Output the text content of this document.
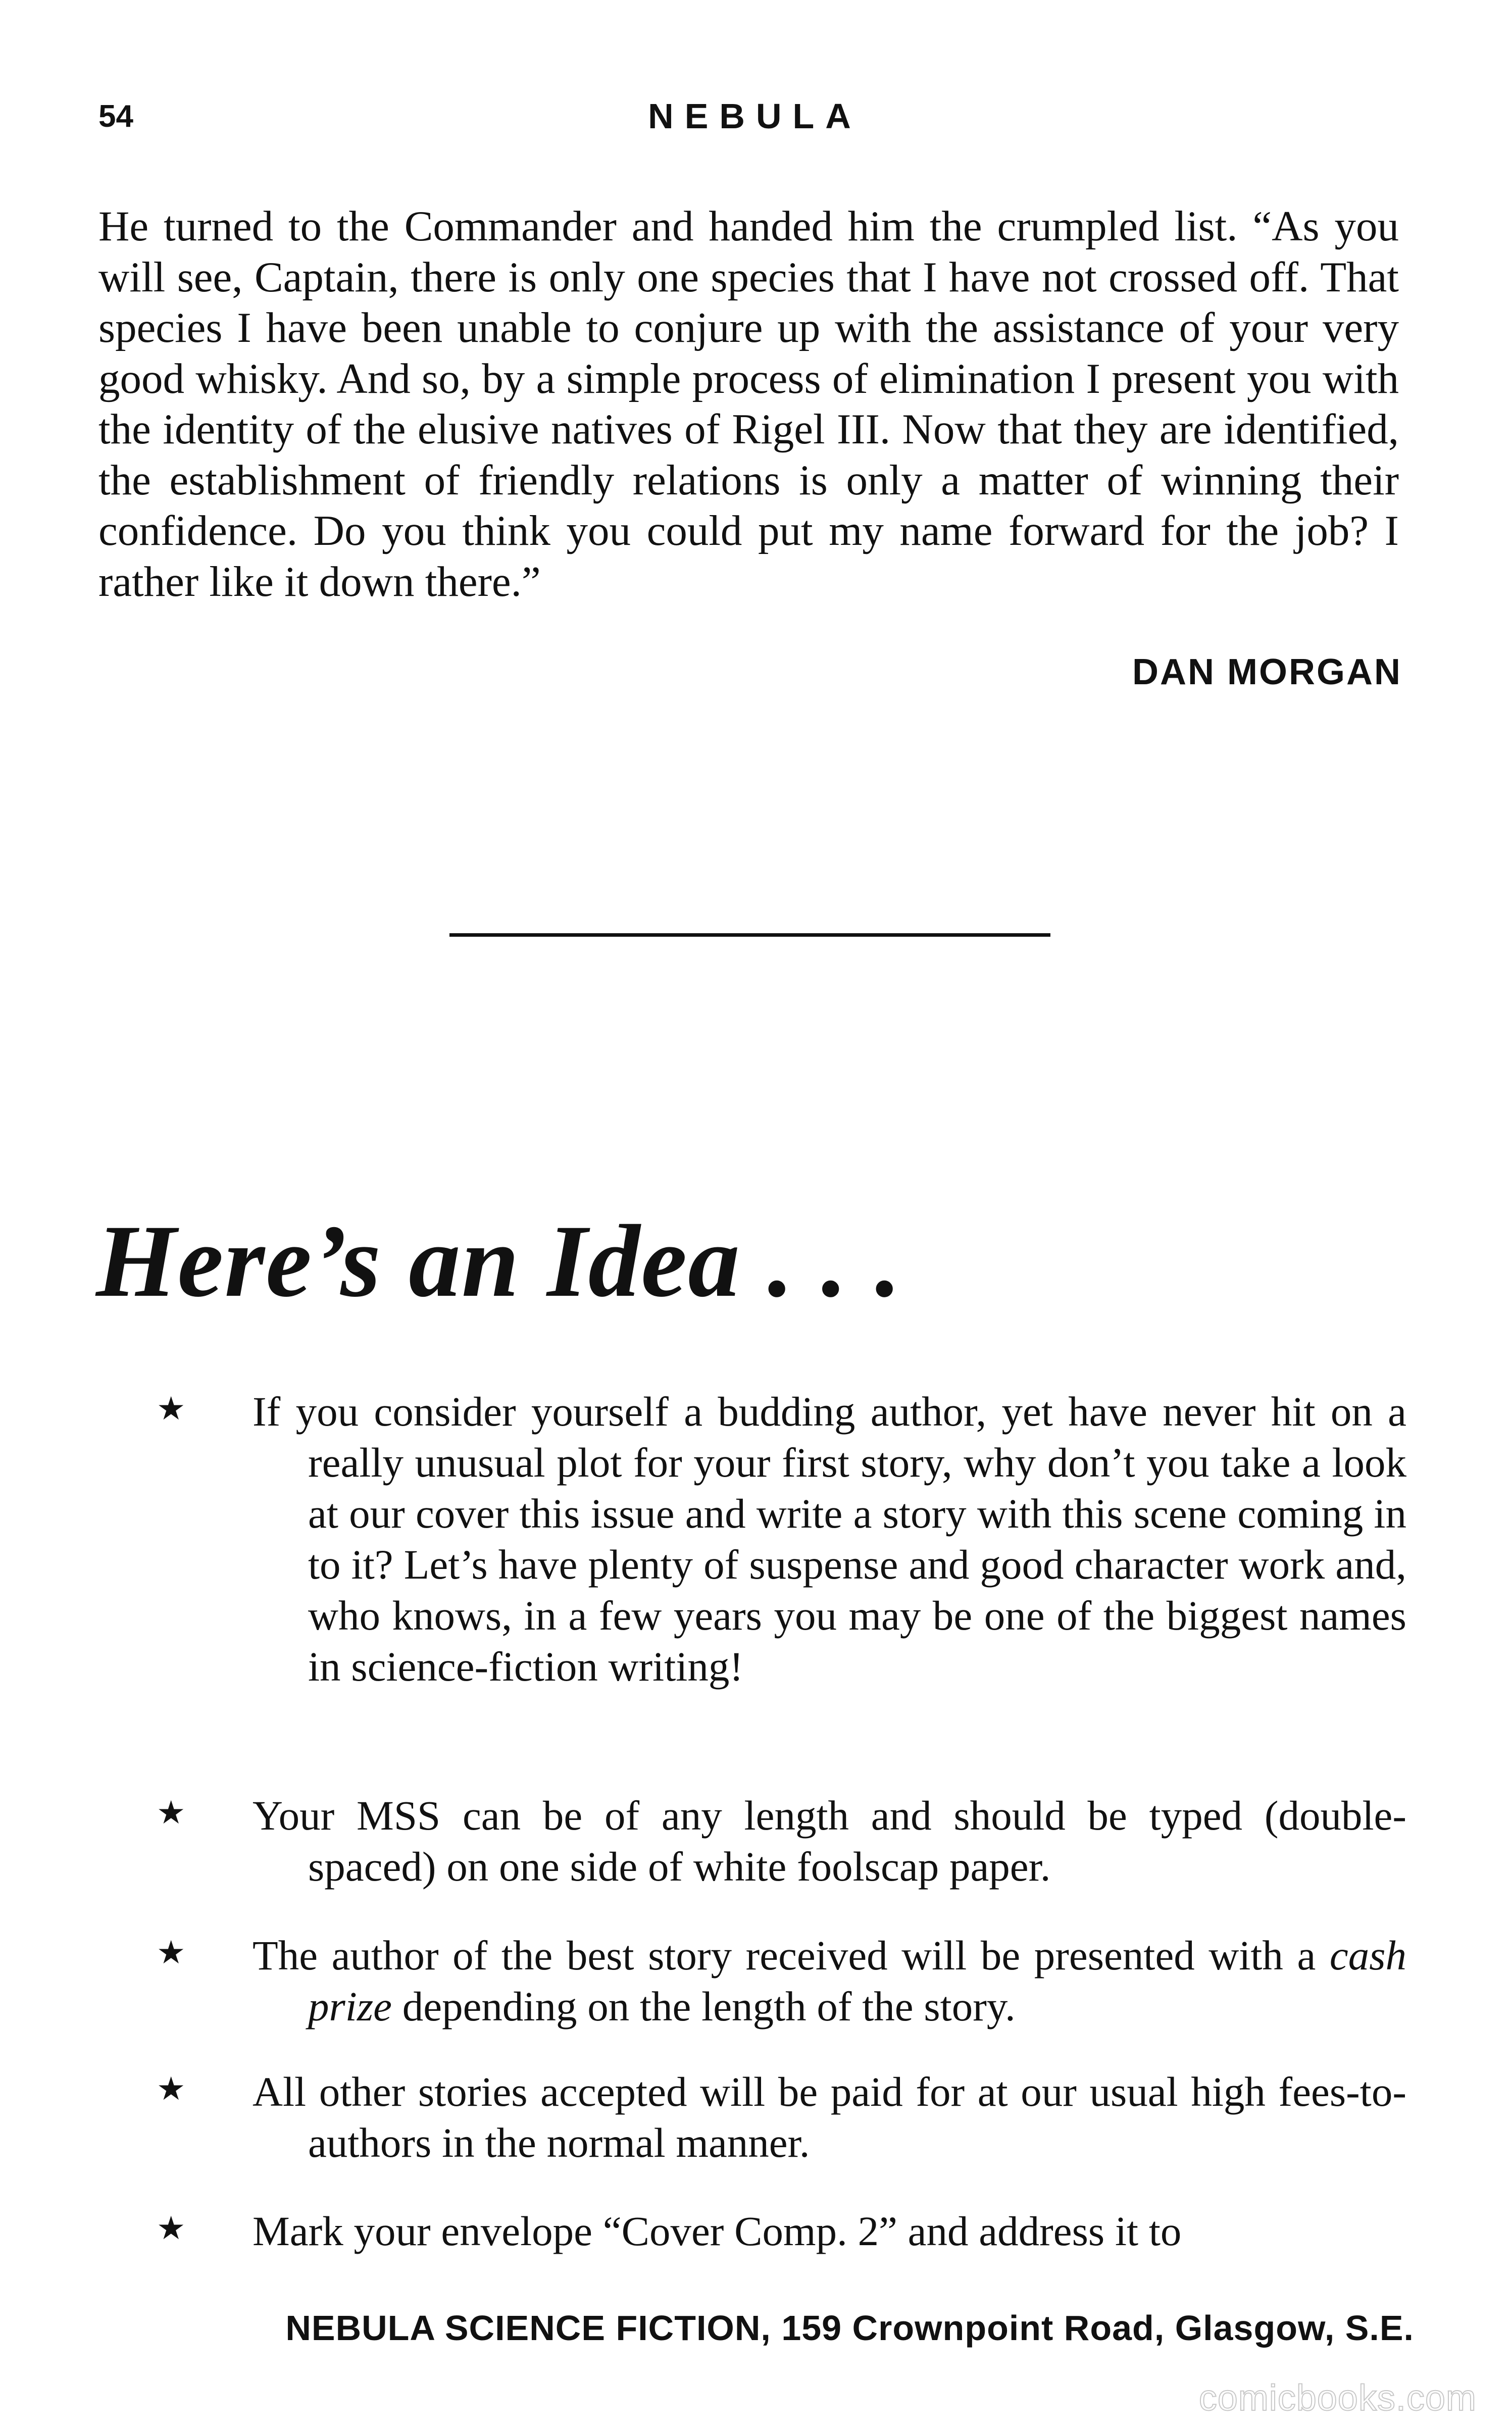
54	NEBULA

He turned to the Commander and handed him the crumpled list. “As you will see, Captain, there is only one species that I have not crossed off. That species I have been unable to conjure up with the assistance of your very good whisky. And so, by a simple process of elimination I present you with the identity of the elusive natives of Rigel III. Now that they are identified, the establishment of friendly relations is only a matter of winning their confidence. Do you think you could put my name forward for the job? I rather like it down there.”

DAN MORGAN
Here’s an Idea . . .
★ If you consider yourself a budding author, yet have never hit on a really unusual plot for your first story, why don’t you take a look at our cover this issue and write a story with this scene coming in to it? Let’s have plenty of suspense and good character work and, who knows, in a few years you may be one of the biggest names in science-fiction writing!
★ Your MSS can be of any length and should be typed (double-spaced) on one side of white foolscap paper.
★ The author of the best story received will be presented with a cash prize depending on the length of the story.
★ All other stories accepted will be paid for at our usual high fees-to-authors in the normal manner.
★ Mark your envelope “Cover Comp. 2” and address it to
NEBULA SCIENCE FICTION, 159 Crownpoint Road, Glasgow, S.E.
comicbooks.com
